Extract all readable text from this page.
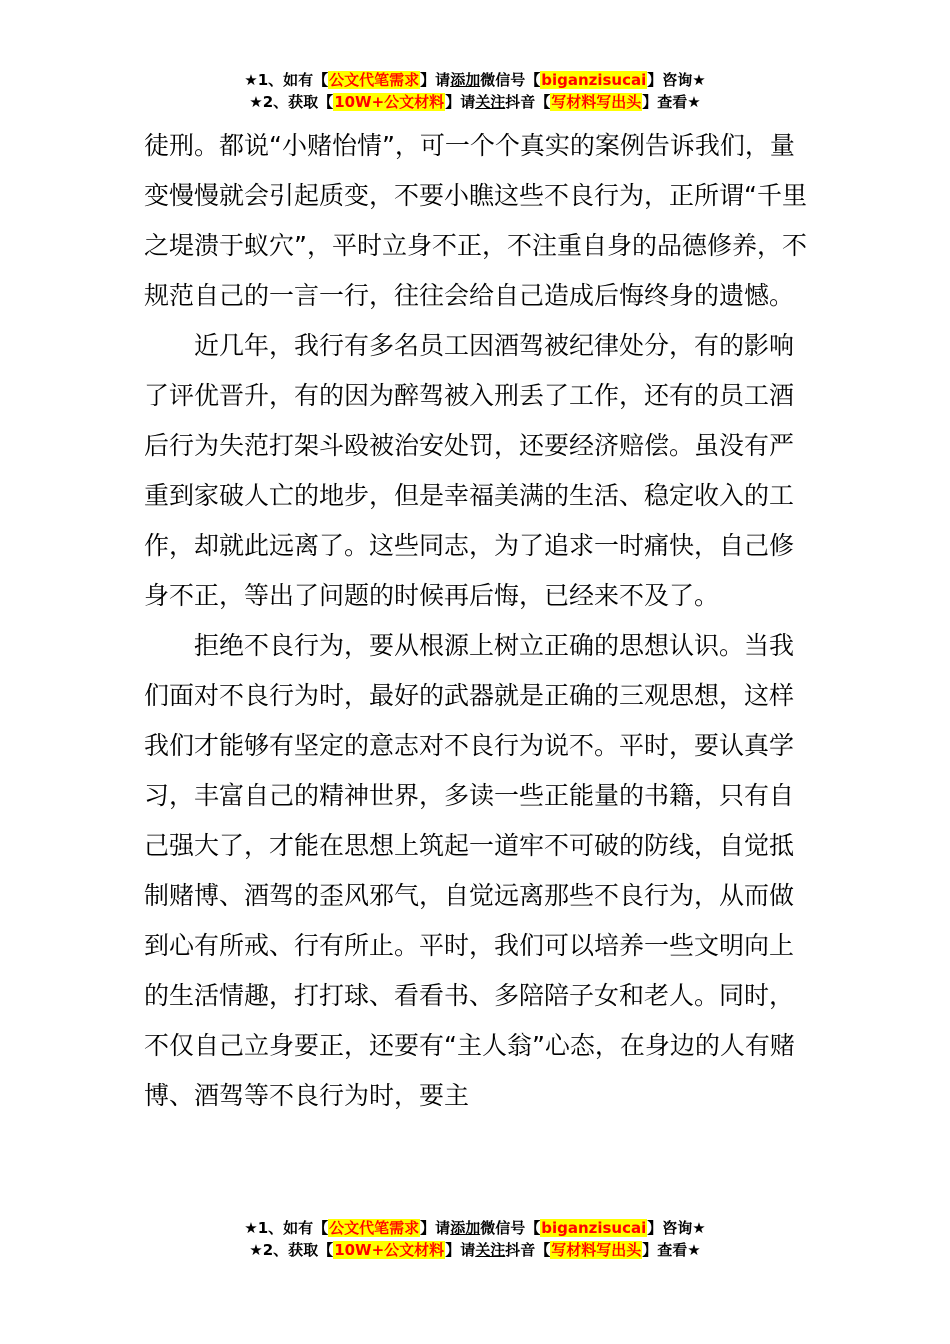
★1、如有【公文代笔需求】请添加微信号【biganzisucai】咨询★
★2、获取【10W+公文材料】请关注抖音【写材料写出头】查看★

徒刑。都说“小赌怡情”，可一个个真实的案例告诉我们，量变慢慢就会引起质变，不要小瞧这些不良行为，正所谓“千里之堤溃于蚁穴”，平时立身不正，不注重自身的品德修养，不规范自己的一言一行，往往会给自己造成后悔终身的遗憾。

近几年，我行有多名员工因酒驾被纪律处分，有的影响了评优晋升，有的因为醉驾被入刑丢了工作，还有的员工酒后行为失范打架斗殴被治安处罚，还要经济赔偿。虽没有严重到家破人亡的地步，但是幸福美满的生活、稳定收入的工作，却就此远离了。这些同志，为了追求一时痛快，自己修身不正，等出了问题的时候再后悔，已经来不及了。

拒绝不良行为，要从根源上树立正确的思想认识。当我们面对不良行为时，最好的武器就是正确的三观思想，这样我们才能够有坚定的意志对不良行为说不。平时，要认真学习，丰富自己的精神世界，多读一些正能量的书籍，只有自己强大了，才能在思想上筑起一道牢不可破的防线，自觉抵制赌博、酒驾的歪风邪气，自觉远离那些不良行为，从而做到心有所戒、行有所止。平时，我们可以培养一些文明向上的生活情趣，打打球、看看书、多陪陪子女和老人。同时，不仅自己立身要正，还要有“主人翁”心态，在身边的人有赌博、酒驾等不良行为时，要主

★1、如有【公文代笔需求】请添加微信号【biganzisucai】咨询★
★2、获取【10W+公文材料】请关注抖音【写材料写出头】查看★
